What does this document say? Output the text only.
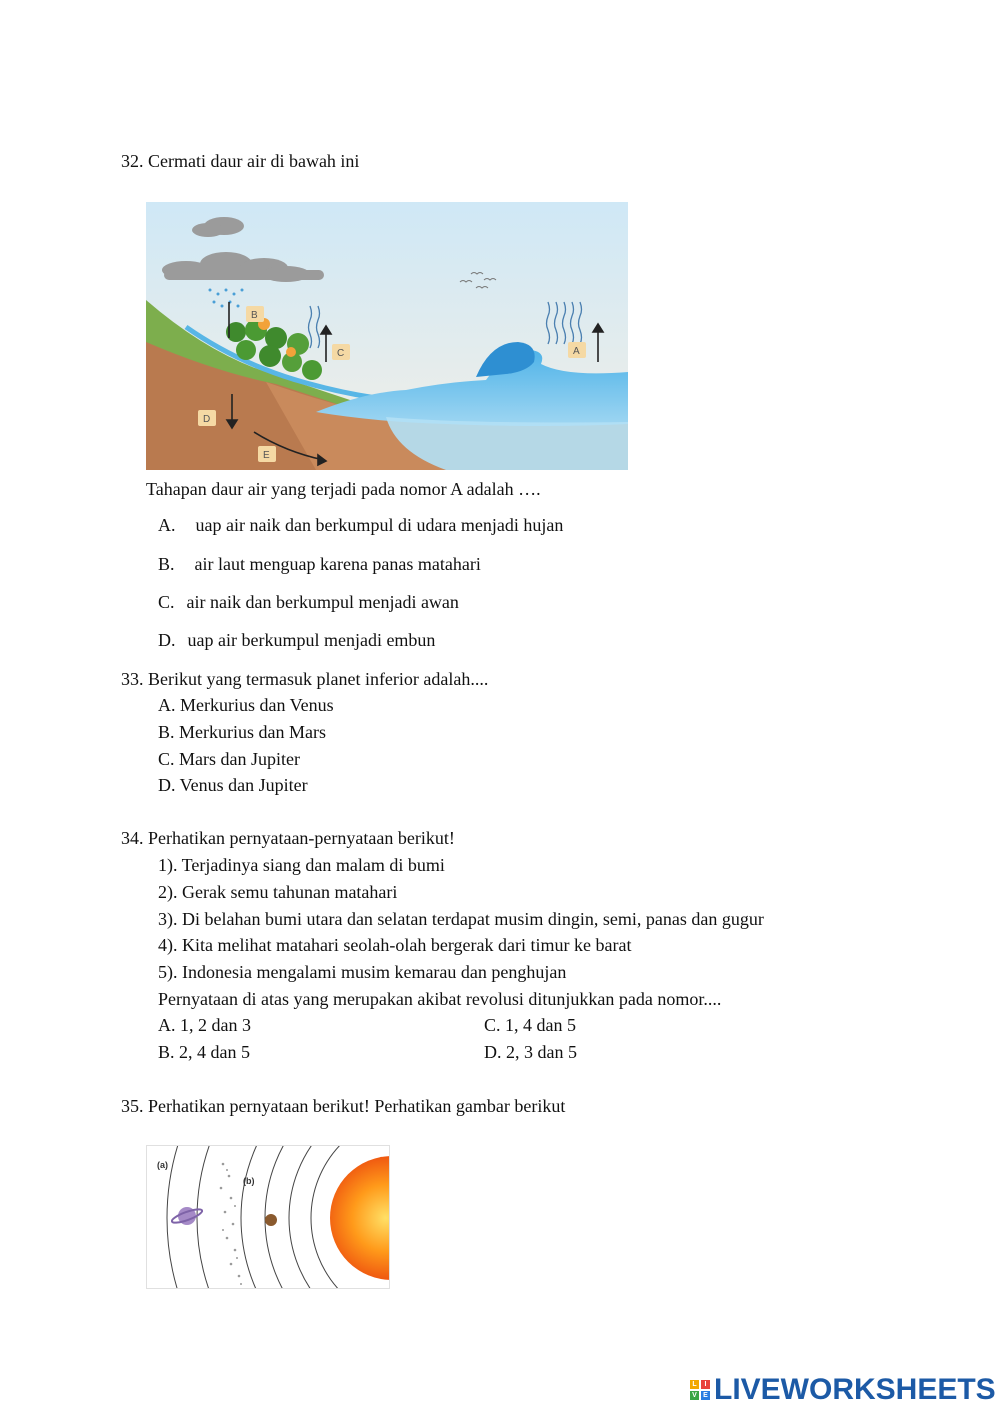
32. Cermati daur air di bawah ini
B
C	A
D
E
Tahapan daur air yang terjadi pada nomor A adalah ….
A. uap air naik dan berkumpul di udara menjadi hujan
B. air laut menguap karena panas matahari
C. air naik dan berkumpul menjadi awan
D. uap air berkumpul menjadi embun
33. Berikut yang termasuk planet inferior adalah....
A. Merkurius dan Venus
B. Merkurius dan Mars
C. Mars dan Jupiter
D. Venus dan Jupiter
34. Perhatikan pernyataan-pernyataan berikut!
1). Terjadinya siang dan malam di bumi
2). Gerak semu tahunan matahari
3). Di belahan bumi utara dan selatan terdapat musim dingin, semi, panas dan gugur
4). Kita melihat matahari seolah-olah bergerak dari timur ke barat
5). Indonesia mengalami musim kemarau dan penghujan
Pernyataan di atas yang merupakan akibat revolusi ditunjukkan pada nomor....
A. 1, 2 dan 3	C. 1, 4 dan 5
B. 2, 4 dan 5	D. 2, 3 dan 5
35. Perhatikan pernyataan berikut! Perhatikan gambar berikut
(a)
(b)
L	I
V E LIVEWORKSHEETS
